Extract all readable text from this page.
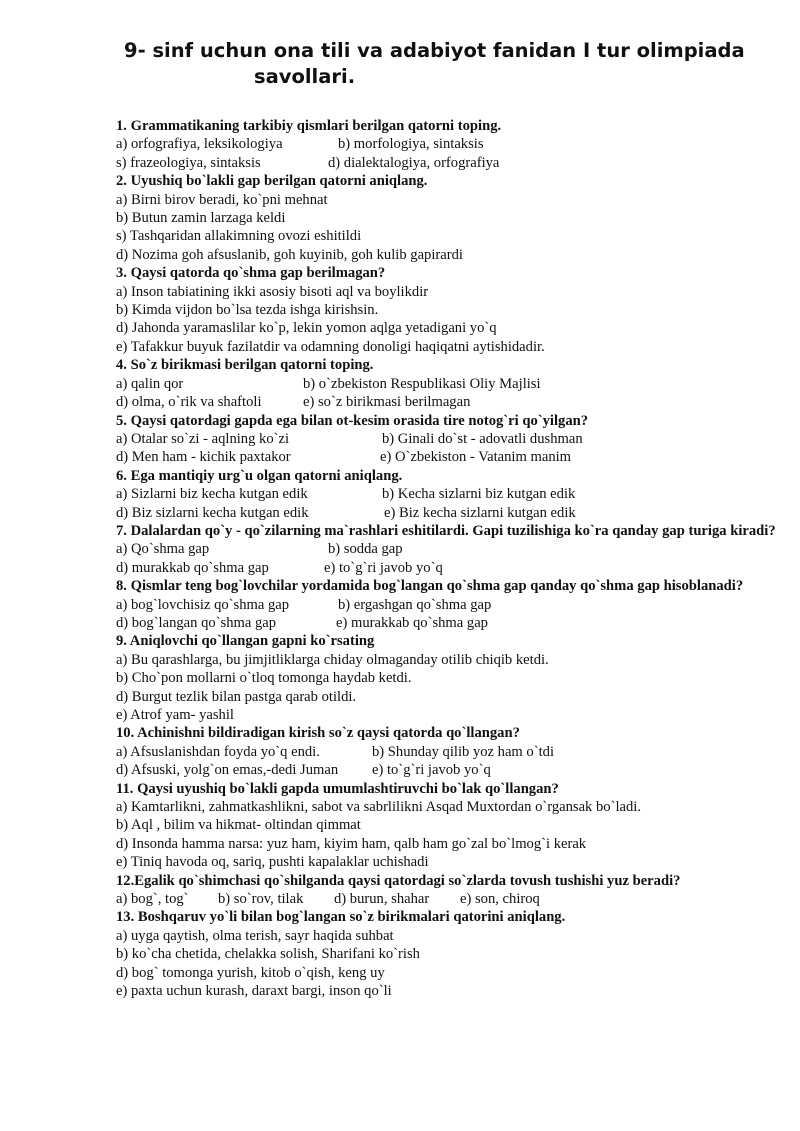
9- sinf uchun ona tili va adabiyot fanidan I tur olimpiada
savollari.

1. Grammatikaning tarkibiy qismlari berilgan qatorni toping.

a) orfografiya, leksikologiya	b) morfologiya, sintaksis
s) frazeologiya, sintaksis	d) dialektalogiya, orfografiya

2. Uyushiq bo`lakli gap berilgan qatorni aniqlang.

a) Birni birov beradi, ko`pni mehnat

b) Butun zamin larzaga keldi

s) Tashqaridan allakimning ovozi eshitildi

d) Nozima goh afsuslanib, goh kuyinib, goh kulib gapirardi

3. Qaysi qatorda qo`shma gap berilmagan?

a) Inson tabiatining ikki asosiy bisoti aql va boylikdir

b) Kimda vijdon bo`lsa tezda ishga kirishsin.

d) Jahonda yaramaslilar ko`p, lekin yomon aqlga yetadigani yo`q

e) Tafakkur buyuk fazilatdir va odamning donoligi haqiqatni aytishidadir.

4. So`z birikmasi berilgan qatorni toping.

a) qalin qor	b) o`zbekiston Respublikasi Oliy Majlisi
d) olma, o`rik va shaftoli	e) so`z birikmasi berilmagan

5. Qaysi qatordagi gapda ega bilan ot-kesim orasida tire notog`ri qo`yilgan?

a) Otalar so`zi - aqlning ko`zi	b) Ginali do`st - adovatli dushman
d) Men ham - kichik paxtakor	e) O`zbekiston - Vatanim manim

6. Ega mantiqiy urg`u olgan qatorni aniqlang.

a) Sizlarni biz kecha kutgan edik	b) Kecha sizlarni biz kutgan edik
d) Biz sizlarni kecha kutgan edik	e) Biz kecha sizlarni kutgan edik

7. Dalalardan qo`y - qo`zilarning ma`rashlari eshitilardi. Gapi tuzilishiga ko`ra qanday gap turiga kiradi?

a) Qo`shma gap	b) sodda gap
d) murakkab qo`shma gap	e) to`g`ri javob yo`q

8. Qismlar teng bog`lovchilar yordamida bog`langan qo`shma gap qanday qo`shma gap hisoblanadi?

a) bog`lovchisiz qo`shma gap	b) ergashgan qo`shma gap
d) bog`langan qo`shma gap	e) murakkab qo`shma gap

9. Aniqlovchi qo`llangan gapni ko`rsating

a) Bu qarashlarga, bu jimjitliklarga chiday olmaganday otilib chiqib ketdi.

b) Cho`pon mollarni o`tloq tomonga haydab ketdi.

d) Burgut tezlik bilan pastga qarab otildi.

e) Atrof yam- yashil

10. Achinishni bildiradigan kirish so`z qaysi qatorda qo`llangan?

a) Afsuslanishdan foyda yo`q endi.	b) Shunday qilib yoz ham o`tdi
d) Afsuski, yolg`on emas,-dedi Juman	e) to`g`ri javob yo`q

11. Qaysi uyushiq bo`lakli gapda umumlashtiruvchi bo`lak qo`llangan?

a) Kamtarlikni, zahmatkashlikni, sabot va sabrlilikni Asqad Muxtordan o`rgansak bo`ladi.

b) Aql , bilim va hikmat- oltindan qimmat

d) Insonda hamma narsa: yuz ham, kiyim ham, qalb ham go`zal bo`lmog`i kerak

e) Tiniq havoda oq, sariq, pushti kapalaklar uchishadi

12.Egalik qo`shimchasi qo`shilganda qaysi qatordagi so`zlarda tovush tushishi yuz beradi?

a) bog`, tog`	b) so`rov, tilak	d) burun, shahar	e) son, chiroq

13. Boshqaruv yo`li bilan bog`langan so`z birikmalari qatorini aniqlang.

a) uyga qaytish, olma terish, sayr haqida suhbat

b) ko`cha chetida, chelakka solish, Sharifani ko`rish

d) bog` tomonga yurish, kitob o`qish, keng uy

e) paxta uchun kurash, daraxt bargi, inson qo`li
